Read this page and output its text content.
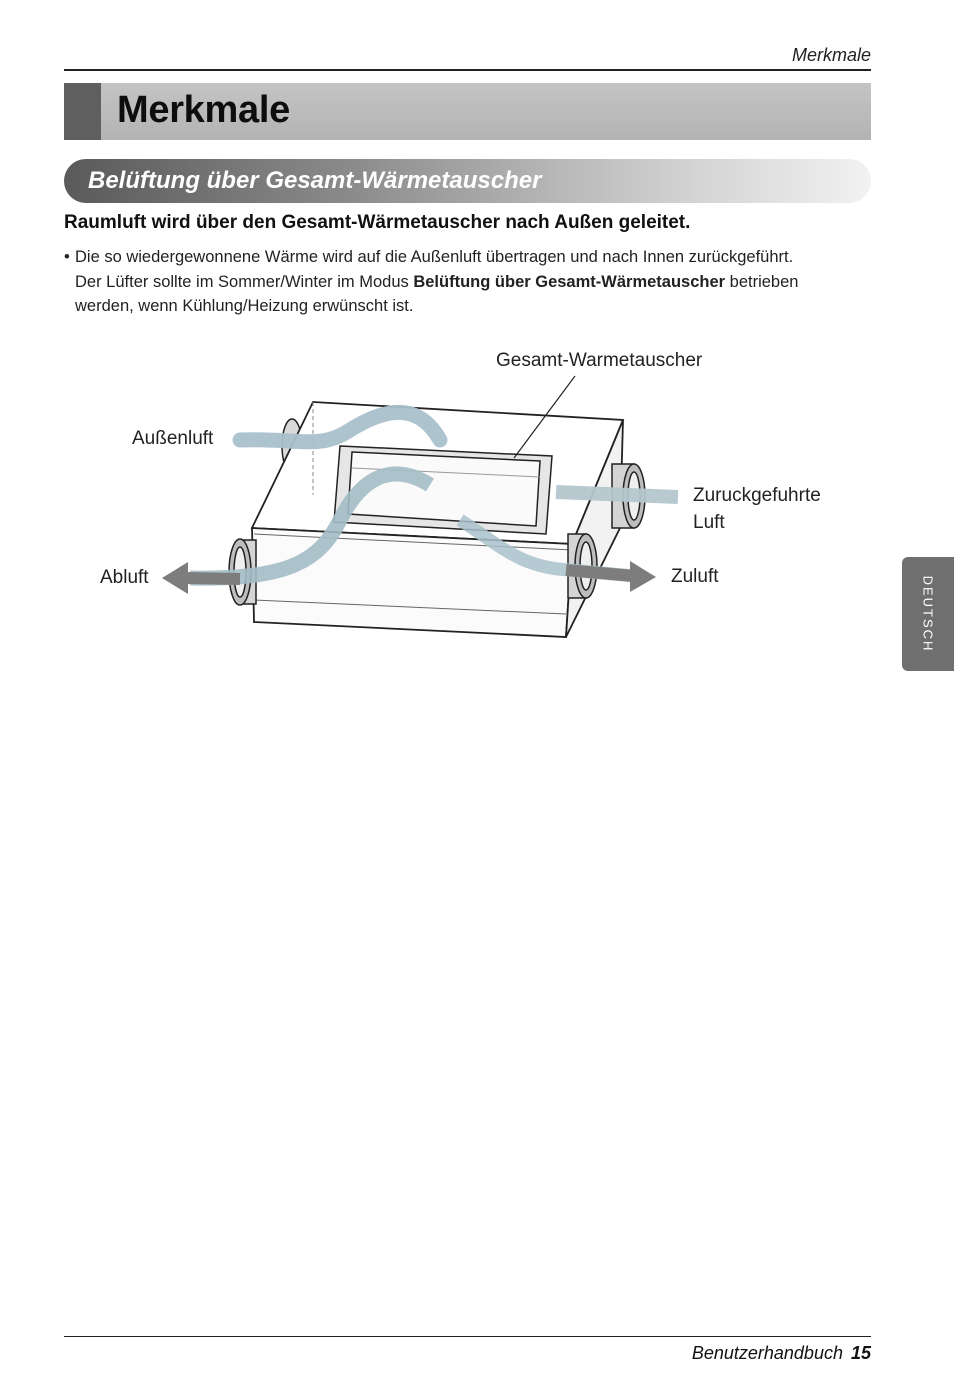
Merkmale
Merkmale
Belüftung über Gesamt-Wärmetauscher

Raumluft wird über den Gesamt-Wärmetauscher nach Außen geleitet.

• Die so wiedergewonnene Wärme wird auf die Außenluft übertragen und nach Innen zurückgeführt.
Der Lüfter sollte im Sommer/Winter im Modus Belüftung über Gesamt-Wärmetauscher betrieben
werden, wenn Kühlung/Heizung erwünscht ist.
Gesamt-Warmetauscher
Außenluft
Zuruckgefuhrte
Luft
Abluft	Zuluft	DEUTSCH
Benutzerhandbuch 15
